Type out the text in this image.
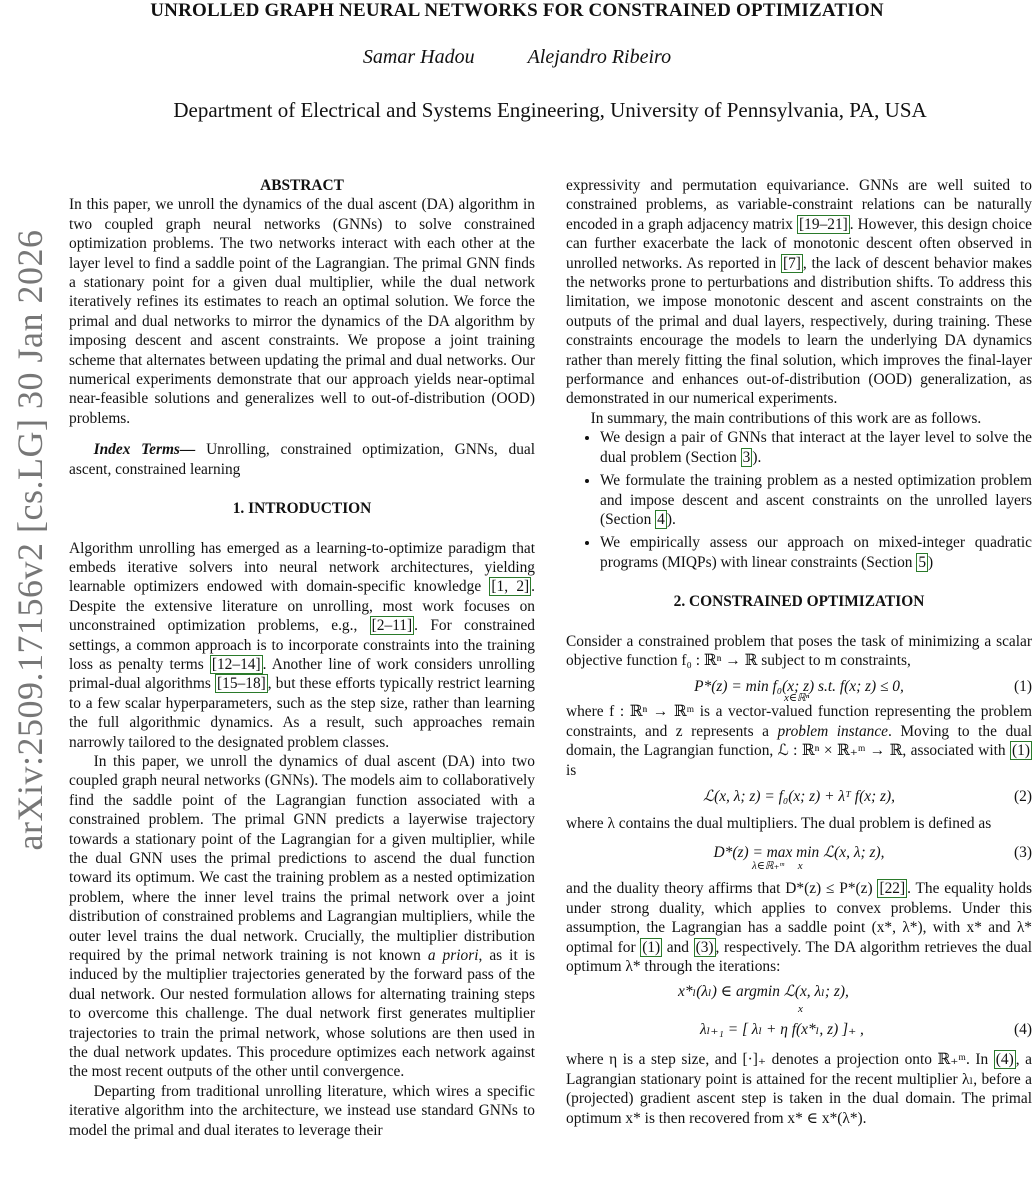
arXiv:2509.17156v2 [cs.LG] 30 Jan 2026
UNROLLED GRAPH NEURAL NETWORKS FOR CONSTRAINED OPTIMIZATION
Samar Hadou	Alejandro Ribeiro
Department of Electrical and Systems Engineering, University of Pennsylvania, PA, USA

ABSTRACT

In this paper, we unroll the dynamics of the dual ascent (DA) algorithm in two coupled graph neural networks (GNNs) to solve constrained optimization problems. The two networks interact with each other at the layer level to find a saddle point of the Lagrangian. The primal GNN finds a stationary point for a given dual multiplier, while the dual network iteratively refines its estimates to reach an optimal solution. We force the primal and dual networks to mirror the dynamics of the DA algorithm by imposing descent and ascent constraints. We propose a joint training scheme that alternates between updating the primal and dual networks. Our numerical experiments demonstrate that our approach yields near-optimal near-feasible solutions and generalizes well to out-of-distribution (OOD) problems.

Index Terms— Unrolling, constrained optimization, GNNs, dual ascent, constrained learning

1. INTRODUCTION

Algorithm unrolling has emerged as a learning-to-optimize paradigm that embeds iterative solvers into neural network architectures, yielding learnable optimizers endowed with domain-specific knowledge [1, 2] . Despite the extensive literature on unrolling, most work focuses on unconstrained optimization problems, e.g., [2–11] . For constrained settings, a common approach is to incorporate constraints into the training loss as penalty terms [12–14] . Another line of work considers unrolling primal-dual algorithms [15–18] , but these efforts typically restrict learning to a few scalar hyperparameters, such as the step size, rather than learning the full algorithmic dynamics. As a result, such approaches remain narrowly tailored to the designated problem classes.

In this paper, we unroll the dynamics of dual ascent (DA) into two coupled graph neural networks (GNNs). The models aim to collaboratively find the saddle point of the Lagrangian function associated with a constrained problem. The primal GNN predicts a layerwise trajectory towards a stationary point of the Lagrangian for a given multiplier, while the dual GNN uses the primal predictions to ascend the dual function toward its optimum. We cast the training problem as a nested optimization problem, where the inner level trains the primal network over a joint distribution of constrained problems and Lagrangian multipliers, while the outer level trains the dual network. Crucially, the multiplier distribution required by the primal network training is not known a priori, as it is induced by the multiplier trajectories generated by the forward pass of the dual network. Our nested formulation allows for alternating training steps to overcome this challenge. The dual network first generates multiplier trajectories to train the primal network, whose solutions are then used in the dual network updates. This procedure optimizes each network against the most recent outputs of the other until convergence.

Departing from traditional unrolling literature, which wires a specific iterative algorithm into the architecture, we instead use standard GNNs to model the primal and dual iterates to leverage their

expressivity and permutation equivariance. GNNs are well suited to constrained problems, as variable-constraint relations can be naturally encoded in a graph adjacency matrix [19–21] . However, this design choice can further exacerbate the lack of monotonic descent often observed in unrolled networks. As reported in [7] , the lack of descent behavior makes the networks prone to perturbations and distribution shifts. To address this limitation, we impose monotonic descent and ascent constraints on the outputs of the primal and dual layers, respectively, during training. These constraints encourage the models to learn the underlying DA dynamics rather than merely fitting the final solution, which improves the final-layer performance and enhances out-of-distribution (OOD) generalization, as demonstrated in our numerical experiments.

In summary, the main contributions of this work are as follows.

• We design a pair of GNNs that interact at the layer level to solve the dual problem (Section 3 ).
• We formulate the training problem as a nested optimization problem and impose descent and ascent constraints on the unrolled layers (Section 4 ).
• We empirically assess our approach on mixed-integer quadratic programs (MIQPs) with linear constraints (Section 5 )

2. CONSTRAINED OPTIMIZATION

Consider a constrained problem that poses the task of minimizing a scalar objective function f₀ : ℝⁿ → ℝ subject to m constraints,

P*(z) = min f₀(x; z) s.t. f(x; z) ≤ 0,
x∈ℝⁿ
(1)

where f : ℝⁿ → ℝᵐ is a vector-valued function representing the problem constraints, and z represents a problem instance. Moving to the dual domain, the Lagrangian function, ℒ : ℝⁿ × ℝ₊ᵐ → ℝ, associated with (1) is

ℒ(x, λ; z) = f₀(x; z) + λᵀ f(x; z),	(2)

where λ contains the dual multipliers. The dual problem is defined as

D*(z) = max min ℒ(x, λ; z),
λ∈ℝ₊ᵐ     x
(3)

and the duality theory affirms that D*(z) ≤ P*(z) [22] . The equality holds under strong duality, which applies to convex problems. Under this assumption, the Lagrangian has a saddle point (x*, λ*), with x* and λ* optimal for (1) and (3) , respectively. The DA algorithm retrieves the dual optimum λ* through the iterations:

x*ₗ(λₗ) ∈ argmin ℒ(x, λₗ; z),
x
λₗ₊₁ = [ λₗ + η f(x*ₗ, z) ]₊ ,	(4)

where η is a step size, and [·]₊ denotes a projection onto ℝ₊ᵐ. In (4) , a Lagrangian stationary point is attained for the recent multiplier λₗ, before a (projected) gradient ascent step is taken in the dual domain. The primal optimum x* is then recovered from x* ∈ x*(λ*).
